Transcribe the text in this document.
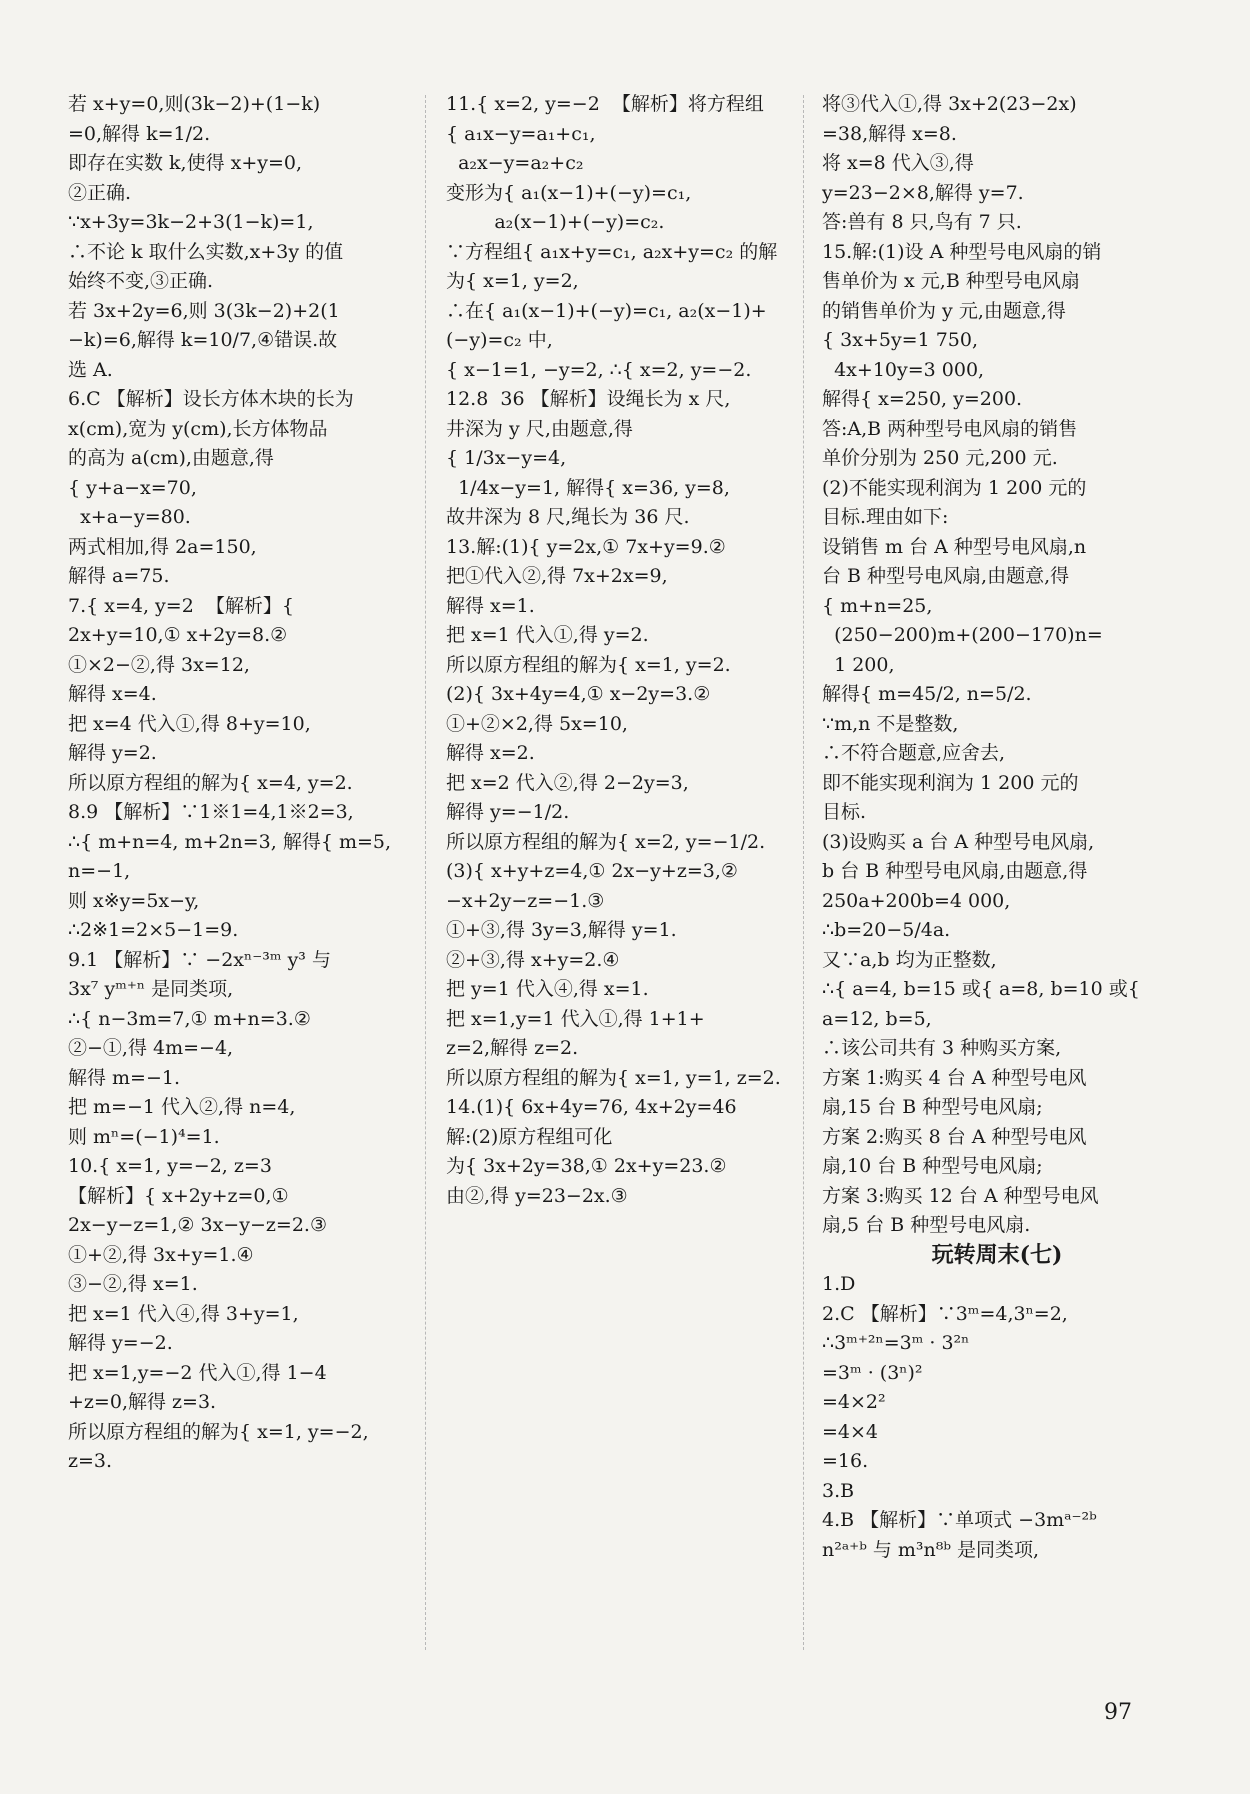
若 x+y=0,则(3k−2)+(1−k)
=0,解得 k=1/2.
即存在实数 k,使得 x+y=0,
②正确.
∵x+3y=3k−2+3(1−k)=1,
∴不论 k 取什么实数,x+3y 的值
始终不变,③正确.
若 3x+2y=6,则 3(3k−2)+2(1
−k)=6,解得 k=10/7,④错误.故
选 A.
6.C 【解析】设长方体木块的长为
x(cm),宽为 y(cm),长方体物品
的高为 a(cm),由题意,得
{ y+a−x=70,
x+a−y=80.
两式相加,得 2a=150,
解得 a=75.
7.{ x=4, y=2  【解析】{ 2x+y=10,① x+2y=8.②
①×2−②,得 3x=12,
解得 x=4.
把 x=4 代入①,得 8+y=10,
解得 y=2.
所以原方程组的解为{ x=4, y=2.
8.9 【解析】∵1※1=4,1※2=3,
∴{ m+n=4, m+2n=3, 解得{ m=5, n=−1,
则 x※y=5x−y,
∴2※1=2×5−1=9.
9.1 【解析】∵ −2xⁿ⁻³ᵐ y³ 与
3x⁷ yᵐ⁺ⁿ 是同类项,
∴{ n−3m=7,① m+n=3.②
②−①,得 4m=−4,
解得 m=−1.
把 m=−1 代入②,得 n=4,
则 mⁿ=(−1)⁴=1.
10.{ x=1, y=−2, z=3
【解析】{ x+2y+z=0,① 2x−y−z=1,② 3x−y−z=2.③
①+②,得 3x+y=1.④
③−②,得 x=1.
把 x=1 代入④,得 3+y=1,
解得 y=−2.
把 x=1,y=−2 代入①,得 1−4
+z=0,解得 z=3.
所以原方程组的解为{ x=1, y=−2, z=3.
11.{ x=2, y=−2  【解析】将方程组
{ a₁x−y=a₁+c₁,
a₂x−y=a₂+c₂
变形为{ a₁(x−1)+(−y)=c₁,
a₂(x−1)+(−y)=c₂.
∵方程组{ a₁x+y=c₁, a₂x+y=c₂ 的解
为{ x=1, y=2,
∴在{ a₁(x−1)+(−y)=c₁, a₂(x−1)+(−y)=c₂ 中,
{ x−1=1, −y=2, ∴{ x=2, y=−2.
12.8  36 【解析】设绳长为 x 尺,
井深为 y 尺,由题意,得
{ 1/3x−y=4,
1/4x−y=1, 解得{ x=36, y=8,
故井深为 8 尺,绳长为 36 尺.
13.解:(1){ y=2x,① 7x+y=9.②
把①代入②,得 7x+2x=9,
解得 x=1.
把 x=1 代入①,得 y=2.
所以原方程组的解为{ x=1, y=2.
(2){ 3x+4y=4,① x−2y=3.②
①+②×2,得 5x=10,
解得 x=2.
把 x=2 代入②,得 2−2y=3,
解得 y=−1/2.
所以原方程组的解为{ x=2, y=−1/2.
(3){ x+y+z=4,① 2x−y+z=3,② −x+2y−z=−1.③
①+③,得 3y=3,解得 y=1.
②+③,得 x+y=2.④
把 y=1 代入④,得 x=1.
把 x=1,y=1 代入①,得 1+1+
z=2,解得 z=2.
所以原方程组的解为{ x=1, y=1, z=2.
14.(1){ 6x+4y=76, 4x+2y=46
解:(2)原方程组可化
为{ 3x+2y=38,① 2x+y=23.②
由②,得 y=23−2x.③
将③代入①,得 3x+2(23−2x)
=38,解得 x=8.
将 x=8 代入③,得
y=23−2×8,解得 y=7.
答:兽有 8 只,鸟有 7 只.
15.解:(1)设 A 种型号电风扇的销
售单价为 x 元,B 种型号电风扇
的销售单价为 y 元,由题意,得
{ 3x+5y=1 750,
4x+10y=3 000,
解得{ x=250, y=200.
答:A,B 两种型号电风扇的销售
单价分别为 250 元,200 元.
(2)不能实现利润为 1 200 元的
目标.理由如下:
设销售 m 台 A 种型号电风扇,n
台 B 种型号电风扇,由题意,得
{ m+n=25,
(250−200)m+(200−170)n=
1 200,
解得{ m=45/2, n=5/2.
∵m,n 不是整数,
∴不符合题意,应舍去,
即不能实现利润为 1 200 元的
目标.
(3)设购买 a 台 A 种型号电风扇,
b 台 B 种型号电风扇,由题意,得
250a+200b=4 000,
∴b=20−5/4a.
又∵a,b 均为正整数,
∴{ a=4, b=15 或{ a=8, b=10 或{ a=12, b=5,
∴该公司共有 3 种购买方案,
方案 1:购买 4 台 A 种型号电风
扇,15 台 B 种型号电风扇;
方案 2:购买 8 台 A 种型号电风
扇,10 台 B 种型号电风扇;
方案 3:购买 12 台 A 种型号电风
扇,5 台 B 种型号电风扇.
玩转周末(七)
1.D
2.C 【解析】∵3ᵐ=4,3ⁿ=2,
∴3ᵐ⁺²ⁿ=3ᵐ · 3²ⁿ
=3ᵐ · (3ⁿ)²
=4×2²
=4×4
=16.
3.B
4.B 【解析】∵单项式 −3mᵃ⁻²ᵇ
n²ᵃ⁺ᵇ 与 m³n⁸ᵇ 是同类项,
97
